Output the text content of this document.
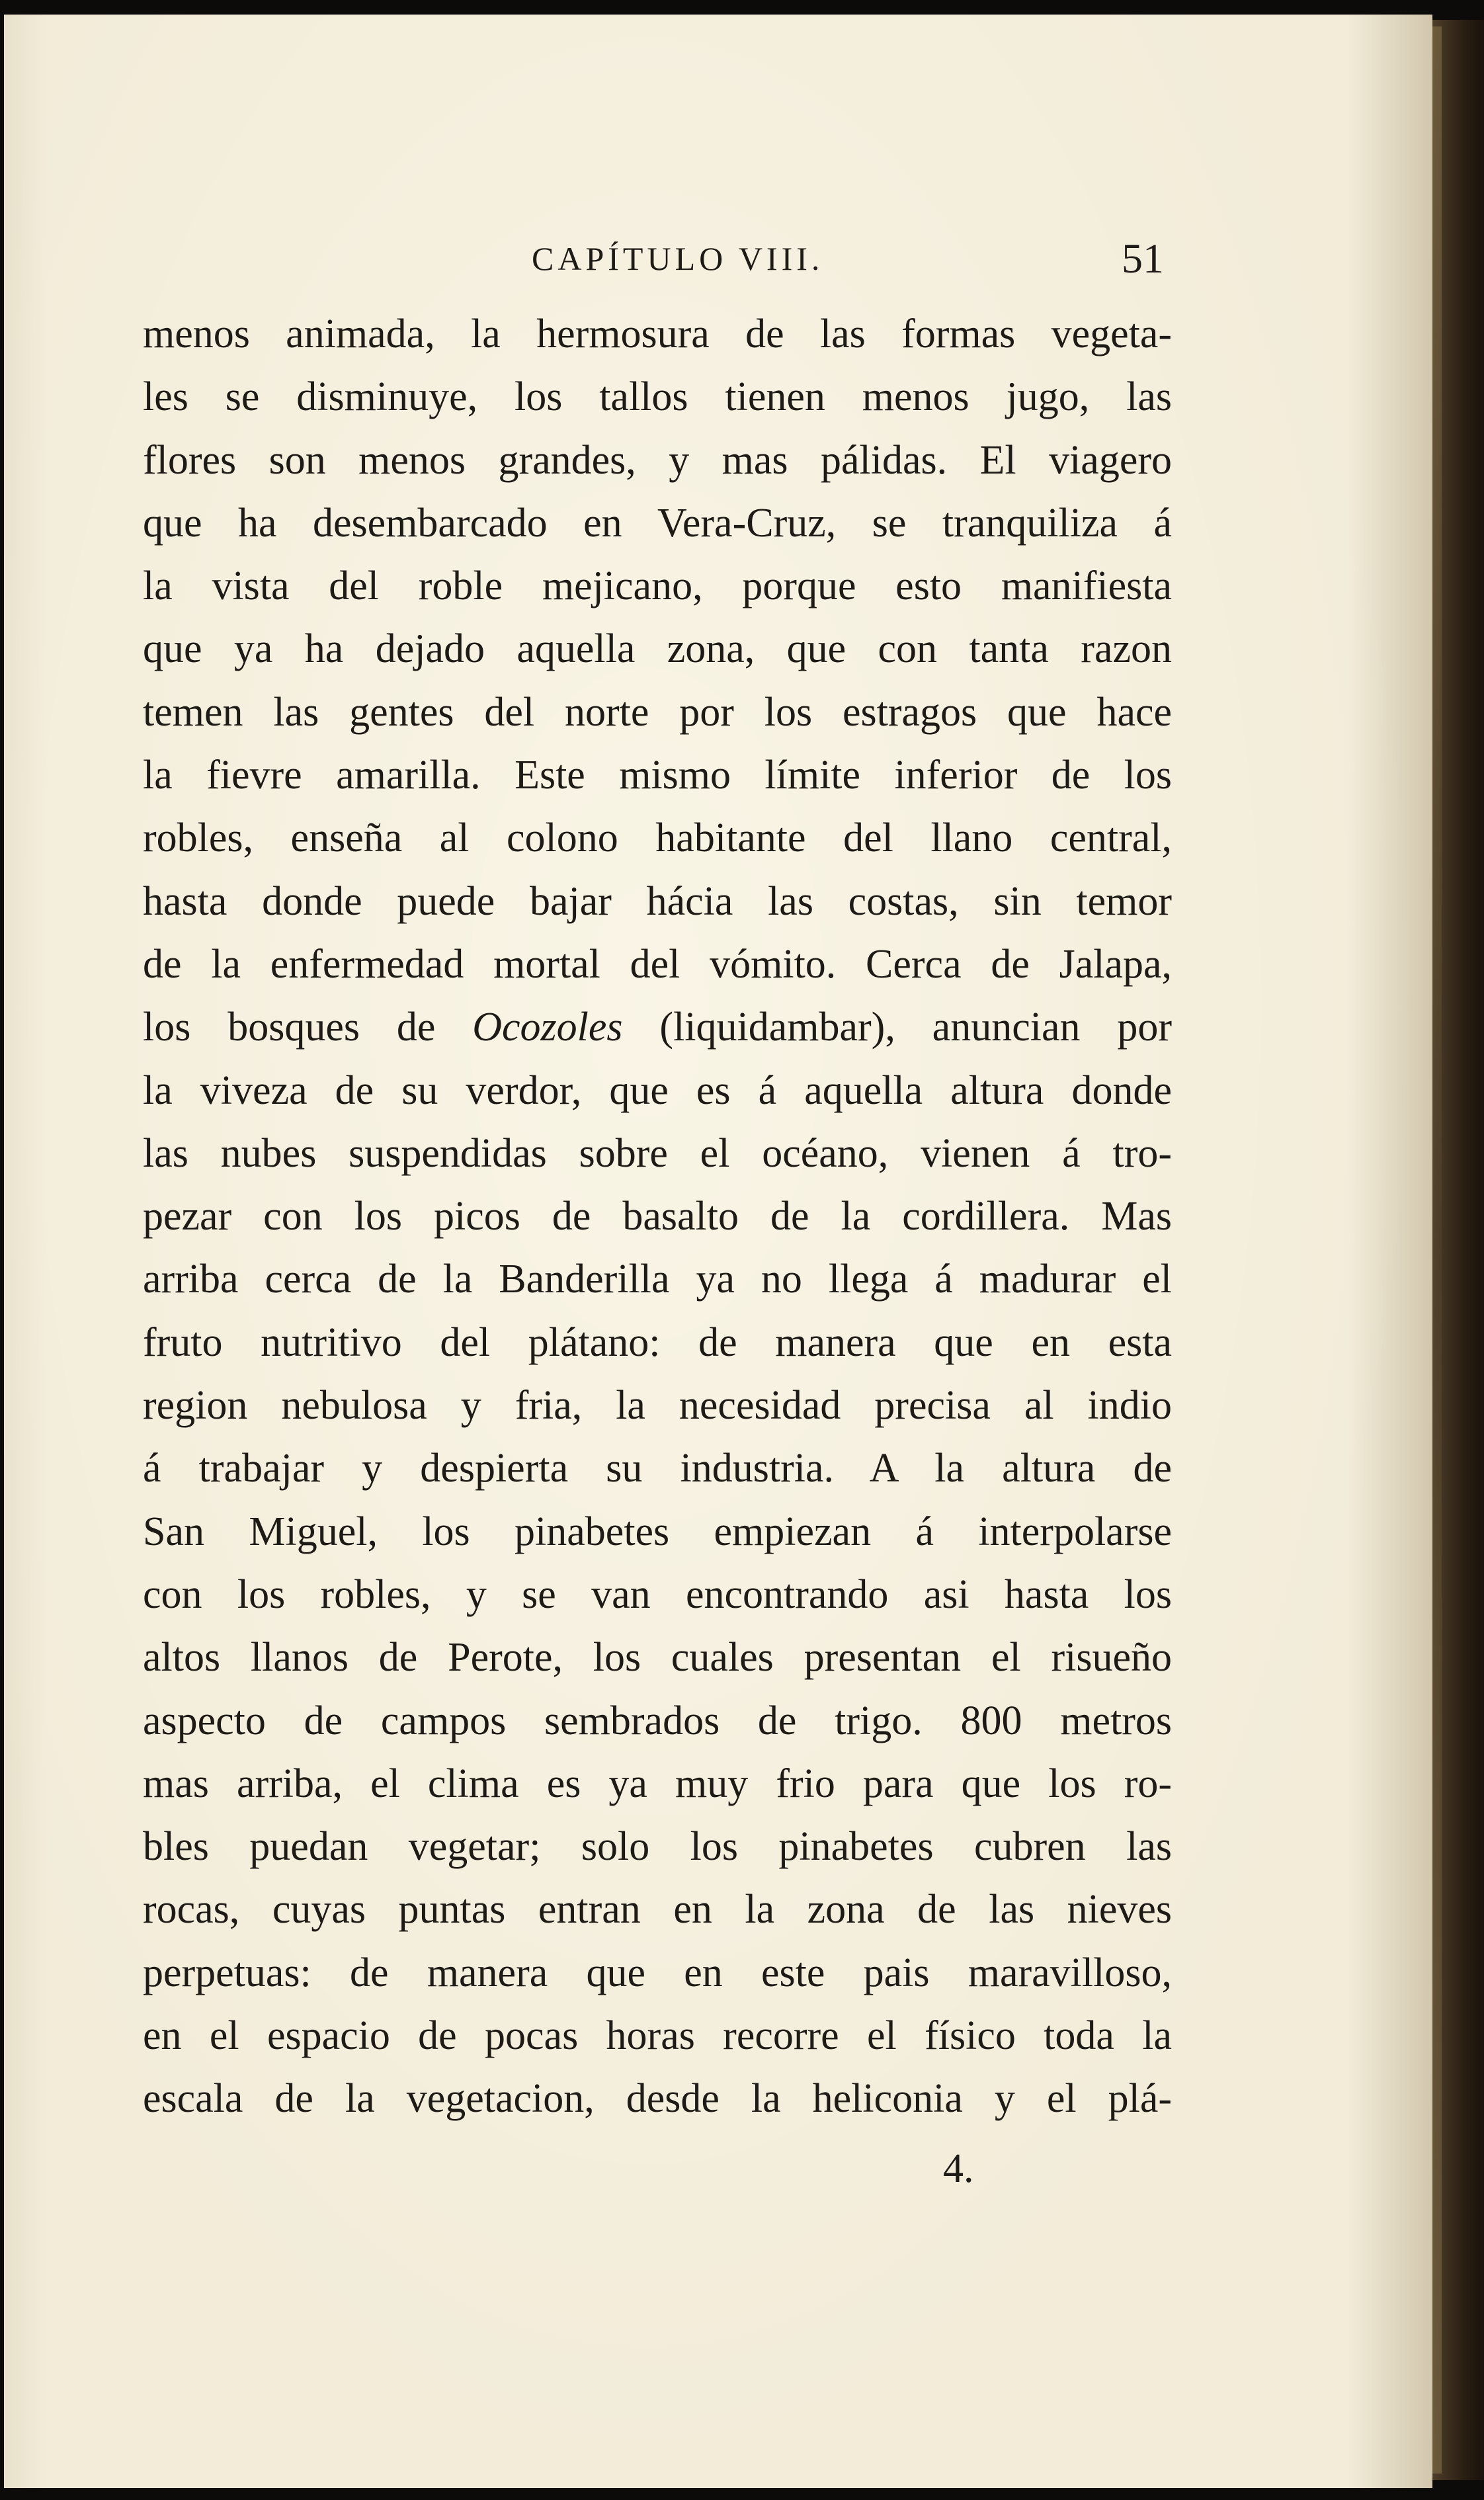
CAPÍTULO VIII.	51
menos animada, la hermosura de las formas vegeta-
les se disminuye, los tallos tienen menos jugo, las
flores son menos grandes, y mas pálidas. El viagero
que ha desembarcado en Vera-Cruz, se tranquiliza á
la vista del roble mejicano, porque esto manifiesta
que ya ha dejado aquella zona, que con tanta razon
temen las gentes del norte por los estragos que hace
la fievre amarilla. Este mismo límite inferior de los
robles, enseña al colono habitante del llano central,
hasta donde puede bajar hácia las costas, sin temor
de la enfermedad mortal del vómito. Cerca de Jalapa,
los bosques de Ocozoles (liquidambar), anuncian por
la viveza de su verdor, que es á aquella altura donde
las nubes suspendidas sobre el océano, vienen á tro-
pezar con los picos de basalto de la cordillera. Mas
arriba cerca de la Banderilla ya no llega á madurar el
fruto nutritivo del plátano: de manera que en esta
region nebulosa y fria, la necesidad precisa al indio
á trabajar y despierta su industria. A la altura de
San Miguel, los pinabetes empiezan á interpolarse
con los robles, y se van encontrando asi hasta los
altos llanos de Perote, los cuales presentan el risueño
aspecto de campos sembrados de trigo. 800 metros
mas arriba, el clima es ya muy frio para que los ro-
bles puedan vegetar; solo los pinabetes cubren las
rocas, cuyas puntas entran en la zona de las nieves
perpetuas: de manera que en este pais maravilloso,
en el espacio de pocas horas recorre el físico toda la
escala de la vegetacion, desde la heliconia y el plá-
4.
